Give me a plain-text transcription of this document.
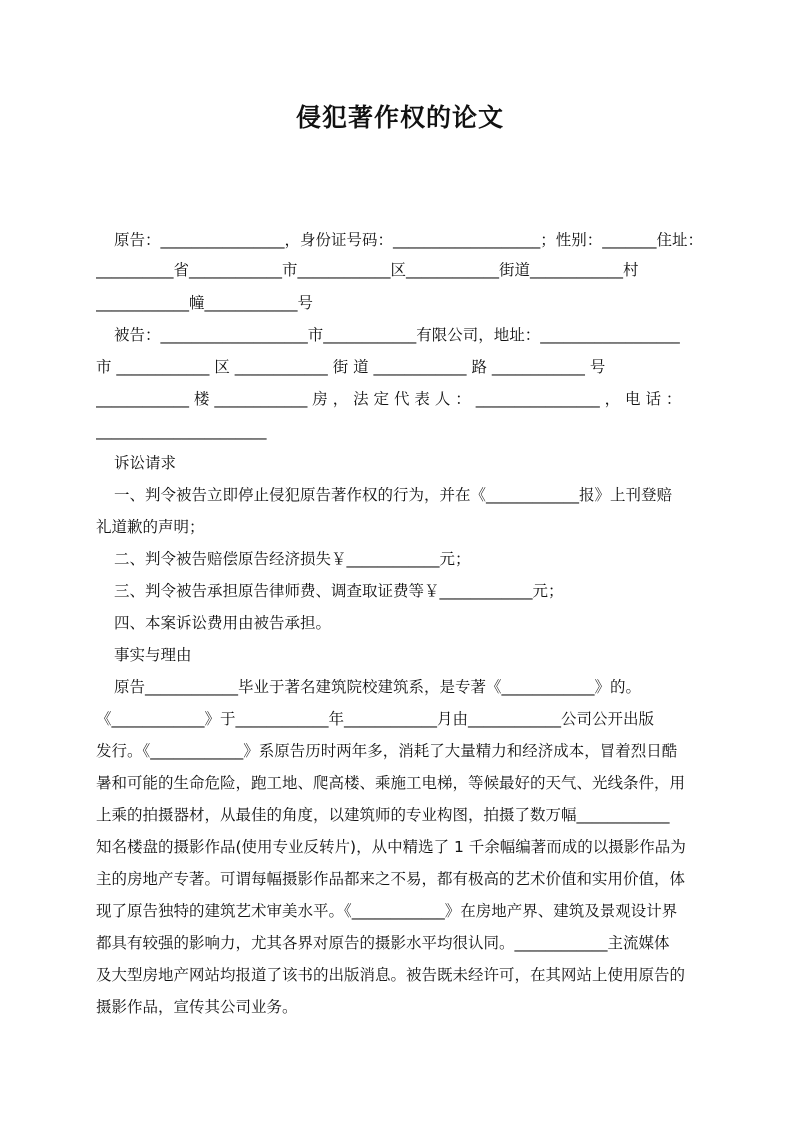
侵犯著作权的论文
原告：________________，身份证号码：___________________；性别：_______住址：
__________省____________市____________区____________街道____________村
____________幢____________号
被告：___________________市____________有限公司，地址：__________________
市 ____________ 区 ____________ 街 道 ____________ 路 ____________ 号
____________ 楼 ____________ 房 ， 法 定 代 表 人 ： ________________ ， 电 话 ：
______________________
诉讼请求
一、判令被告立即停止侵犯原告著作权的行为，并在《____________报》上刊登赔
礼道歉的声明；
二、判令被告赔偿原告经济损失￥____________元；
三、判令被告承担原告律师费、调查取证费等￥____________元；
四、本案诉讼费用由被告承担。
事实与理由
原告____________毕业于著名建筑院校建筑系，是专著《____________》的。
《____________》于____________年____________月由____________公司公开出版
发行。《____________》系原告历时两年多，消耗了大量精力和经济成本，冒着烈日酷
暑和可能的生命危险，跑工地、爬高楼、乘施工电梯，等候最好的天气、光线条件，用
上乘的拍摄器材，从最佳的角度，以建筑师的专业构图，拍摄了数万幅____________
知名楼盘的摄影作品(使用专业反转片)，从中精选了 1 千余幅编著而成的以摄影作品为
主的房地产专著。可谓每幅摄影作品都来之不易，都有极高的艺术价值和实用价值，体
现了原告独特的建筑艺术审美水平。《____________》在房地产界、建筑及景观设计界
都具有较强的影响力，尤其各界对原告的摄影水平均很认同。____________主流媒体
及大型房地产网站均报道了该书的出版消息。被告既未经许可，在其网站上使用原告的
摄影作品，宣传其公司业务。
